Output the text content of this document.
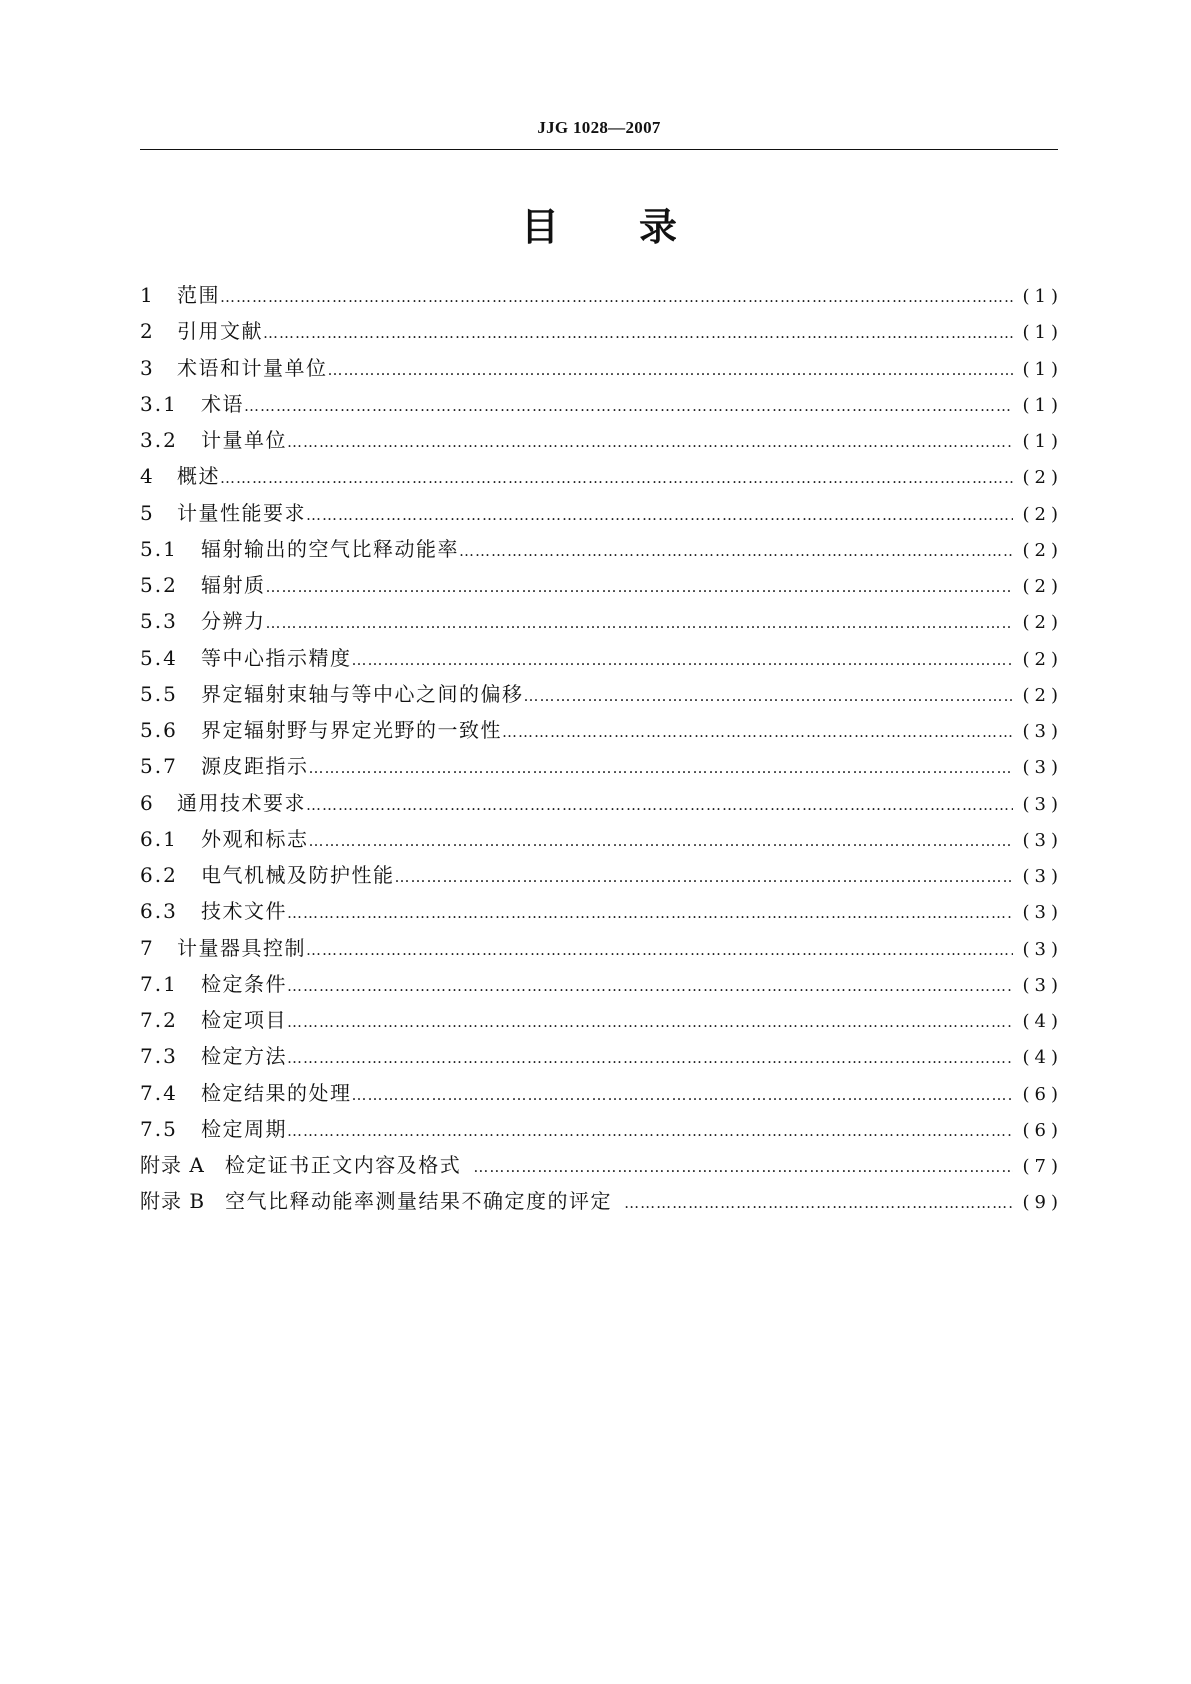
JJG 1028—2007
目录
1	范围 ……………………………………………………………………………………………………………………………………………………………………………………………………	(1)
2	引用文献 ……………………………………………………………………………………………………………………………………………………………………………………………………	(1)
3	术语和计量单位 ……………………………………………………………………………………………………………………………………………………………………………………………………	(1)
3.1	术语 ……………………………………………………………………………………………………………………………………………………………………………………………………	(1)
3.2	计量单位 ……………………………………………………………………………………………………………………………………………………………………………………………………	(1)
4	概述 ……………………………………………………………………………………………………………………………………………………………………………………………………	(2)
5	计量性能要求 ……………………………………………………………………………………………………………………………………………………………………………………………………	(2)
5.1	辐射输出的空气比释动能率 ……………………………………………………………………………………………………………………………………………………………………………………………………	(2)
5.2	辐射质 ……………………………………………………………………………………………………………………………………………………………………………………………………	(2)
5.3	分辨力 ……………………………………………………………………………………………………………………………………………………………………………………………………	(2)
5.4	等中心指示精度 ……………………………………………………………………………………………………………………………………………………………………………………………………	(2)
5.5	界定辐射束轴与等中心之间的偏移 ……………………………………………………………………………………………………………………………………………………………………………………………………	(2)
5.6	界定辐射野与界定光野的一致性 ……………………………………………………………………………………………………………………………………………………………………………………………………	(3)
5.7	源皮距指示 ……………………………………………………………………………………………………………………………………………………………………………………………………	(3)
6	通用技术要求 ……………………………………………………………………………………………………………………………………………………………………………………………………	(3)
6.1	外观和标志 ……………………………………………………………………………………………………………………………………………………………………………………………………	(3)
6.2	电气机械及防护性能 ……………………………………………………………………………………………………………………………………………………………………………………………………	(3)
6.3	技术文件 ……………………………………………………………………………………………………………………………………………………………………………………………………	(3)
7	计量器具控制 ……………………………………………………………………………………………………………………………………………………………………………………………………	(3)
7.1	检定条件 ……………………………………………………………………………………………………………………………………………………………………………………………………	(3)
7.2	检定项目 ……………………………………………………………………………………………………………………………………………………………………………………………………	(4)
7.3	检定方法 ……………………………………………………………………………………………………………………………………………………………………………………………………	(4)
7.4	检定结果的处理 ……………………………………………………………………………………………………………………………………………………………………………………………………	(6)
7.5	检定周期 ……………………………………………………………………………………………………………………………………………………………………………………………………	(6)
附录 A 检定证书正文内容及格式 ……………………………………………………………………………………………………………………………………………………………………………………………………	(7)
附录 B 空气比释动能率测量结果不确定度的评定 ……………………………………………………………………………………………………………………………………………………………………………………………………	(9)
